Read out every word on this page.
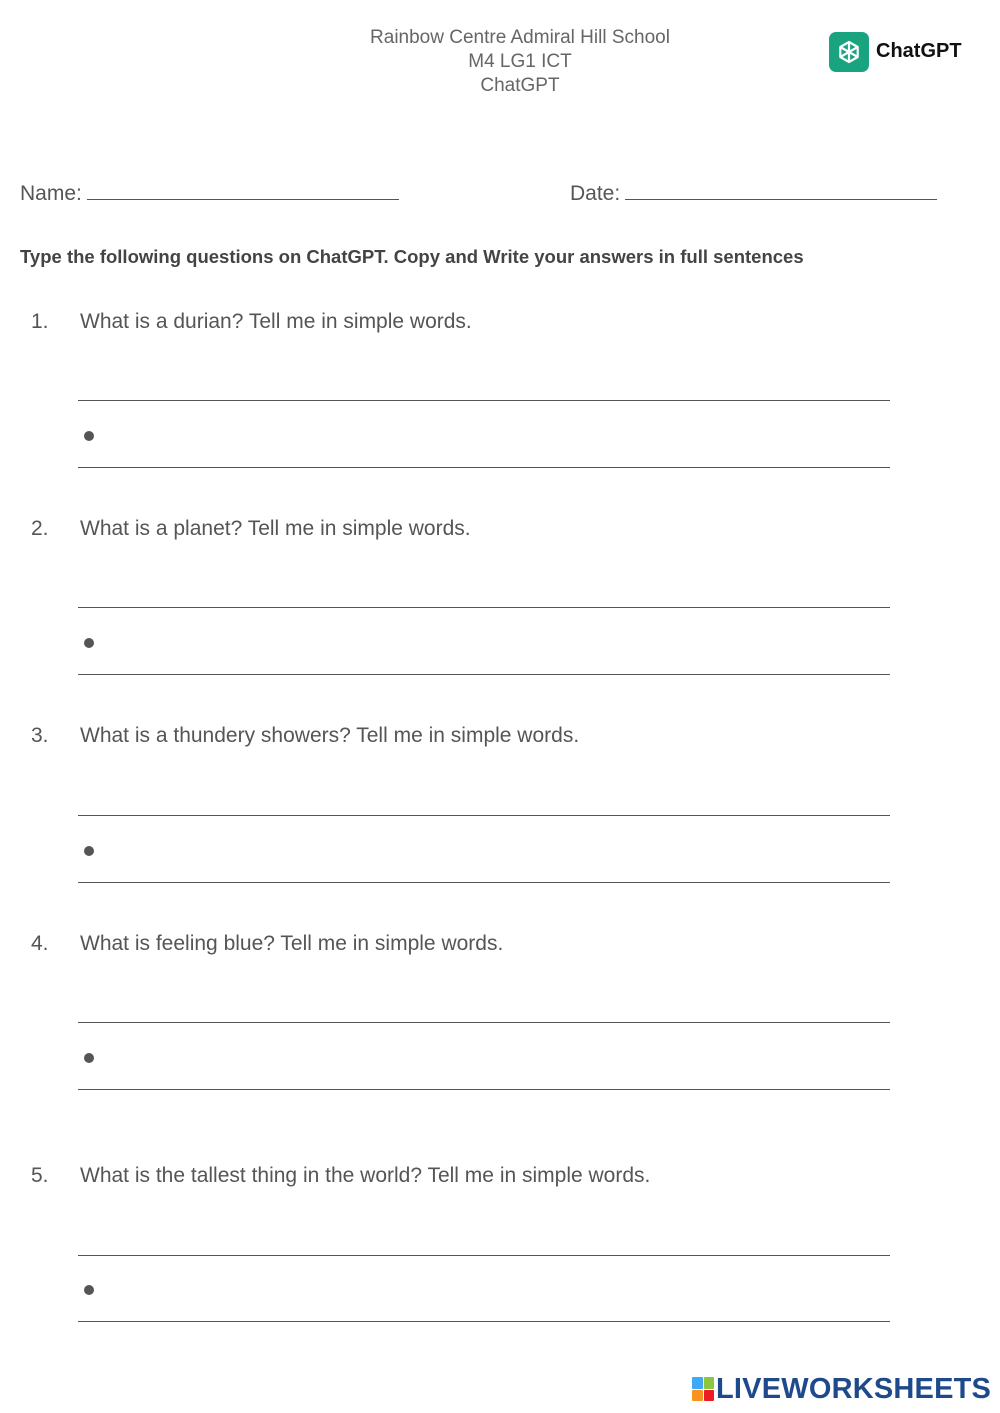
Rainbow Centre Admiral Hill School
M4 LG1 ICT
ChatGPT
ChatGPT
Name:	Date:
Type the following questions on ChatGPT. Copy and Write your answers in full sentences
1. What is a durian? Tell me in simple words.
2. What is a planet? Tell me in simple words.
3. What is a thundery showers? Tell me in simple words.
4. What is feeling blue? Tell me in simple words.
5. What is the tallest thing in the world? Tell me in simple words.
LIVEWORKSHEETS
